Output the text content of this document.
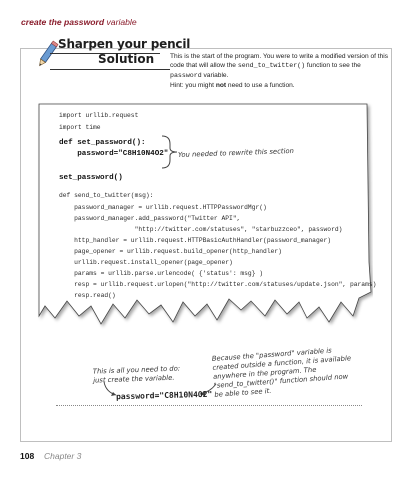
create the password variable
Sharpen your pencil
Solution	This is the start of the program. You were to write a modified version of this code that will allow the send_to_twitter() function to see the password variable.
Hint: you might not need to use a function.
import urllib.request
import time
def set_password():
password="C8H10N4O2"
set_password()
def send_to_twitter(msg):
password_manager = urllib.request.HTTPPasswordMgr()
password_manager.add_password("Twitter API",
"http://twitter.com/statuses", "starbuzzceo", password)
http_handler = urllib.request.HTTPBasicAuthHandler(password_manager)
page_opener = urllib.request.build_opener(http_handler)
urllib.request.install_opener(page_opener)
params = urllib.parse.urlencode( {'status': msg} )
resp = urllib.request.urlopen("http://twitter.com/statuses/update.json", params)
resp.read()
You needed to rewrite this section
This is all you need to do: just create the variable.
Because the "password" variable is created outside a function, it is available anywhere in the program. The "send_to_twitter()" function should now be able to see it.
password="C8H10N4O2"
108 Chapter 3
